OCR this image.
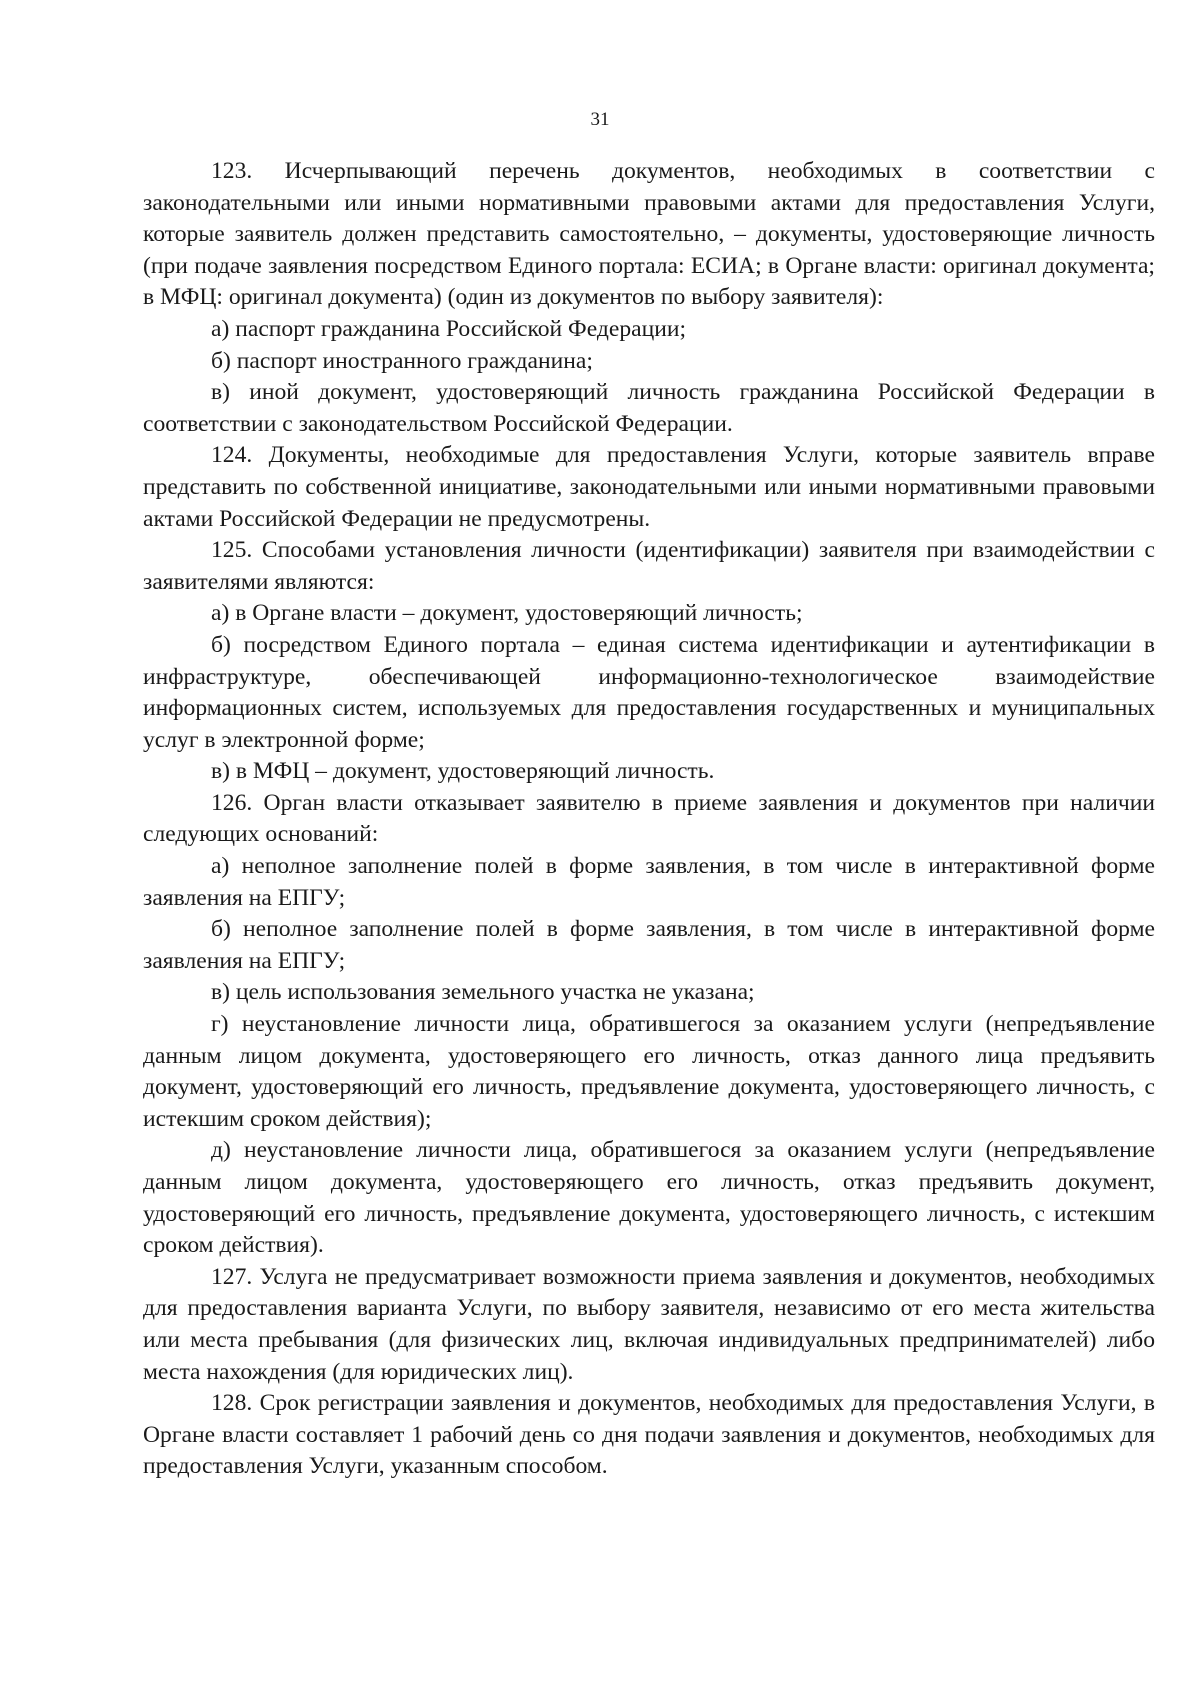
31

123. Исчерпывающий перечень документов, необходимых в соответствии с законодательными или иными нормативными правовыми актами для предоставления Услуги, которые заявитель должен представить самостоятельно, – документы, удостоверяющие личность (при подаче заявления посредством Единого портала: ЕСИА; в Органе власти: оригинал документа; в МФЦ: оригинал документа) (один из документов по выбору заявителя):

а) паспорт гражданина Российской Федерации;

б) паспорт иностранного гражданина;

в) иной документ, удостоверяющий личность гражданина Российской Федерации в соответствии с законодательством Российской Федерации.

124. Документы, необходимые для предоставления Услуги, которые заявитель вправе представить по собственной инициативе, законодательными или иными нормативными правовыми актами Российской Федерации не предусмотрены.

125. Способами установления личности (идентификации) заявителя при взаимодействии с заявителями являются:

а) в Органе власти – документ, удостоверяющий личность;

б) посредством Единого портала – единая система идентификации и аутентификации в инфраструктуре, обеспечивающей информационно-технологическое взаимодействие информационных систем, используемых для предоставления государственных и муниципальных услуг в электронной форме;

в) в МФЦ – документ, удостоверяющий личность.

126. Орган власти отказывает заявителю в приеме заявления и документов при наличии следующих оснований:

а) неполное заполнение полей в форме заявления, в том числе в интерактивной форме заявления на ЕПГУ;

б) неполное заполнение полей в форме заявления, в том числе в интерактивной форме заявления на ЕПГУ;

в) цель использования земельного участка не указана;

г) неустановление личности лица, обратившегося за оказанием услуги (непредъявление данным лицом документа, удостоверяющего его личность, отказ данного лица предъявить документ, удостоверяющий его личность, предъявление документа, удостоверяющего личность, с истекшим сроком действия);

д) неустановление личности лица, обратившегося за оказанием услуги (непредъявление данным лицом документа, удостоверяющего его личность, отказ предъявить документ, удостоверяющий его личность, предъявление документа, удостоверяющего личность, с истекшим сроком действия).

127. Услуга не предусматривает возможности приема заявления и документов, необходимых для предоставления варианта Услуги, по выбору заявителя, независимо от его места жительства или места пребывания (для физических лиц, включая индивидуальных предпринимателей) либо места нахождения (для юридических лиц).

128. Срок регистрации заявления и документов, необходимых для предоставления Услуги, в Органе власти составляет 1 рабочий день со дня подачи заявления и документов, необходимых для предоставления Услуги, указанным способом.
